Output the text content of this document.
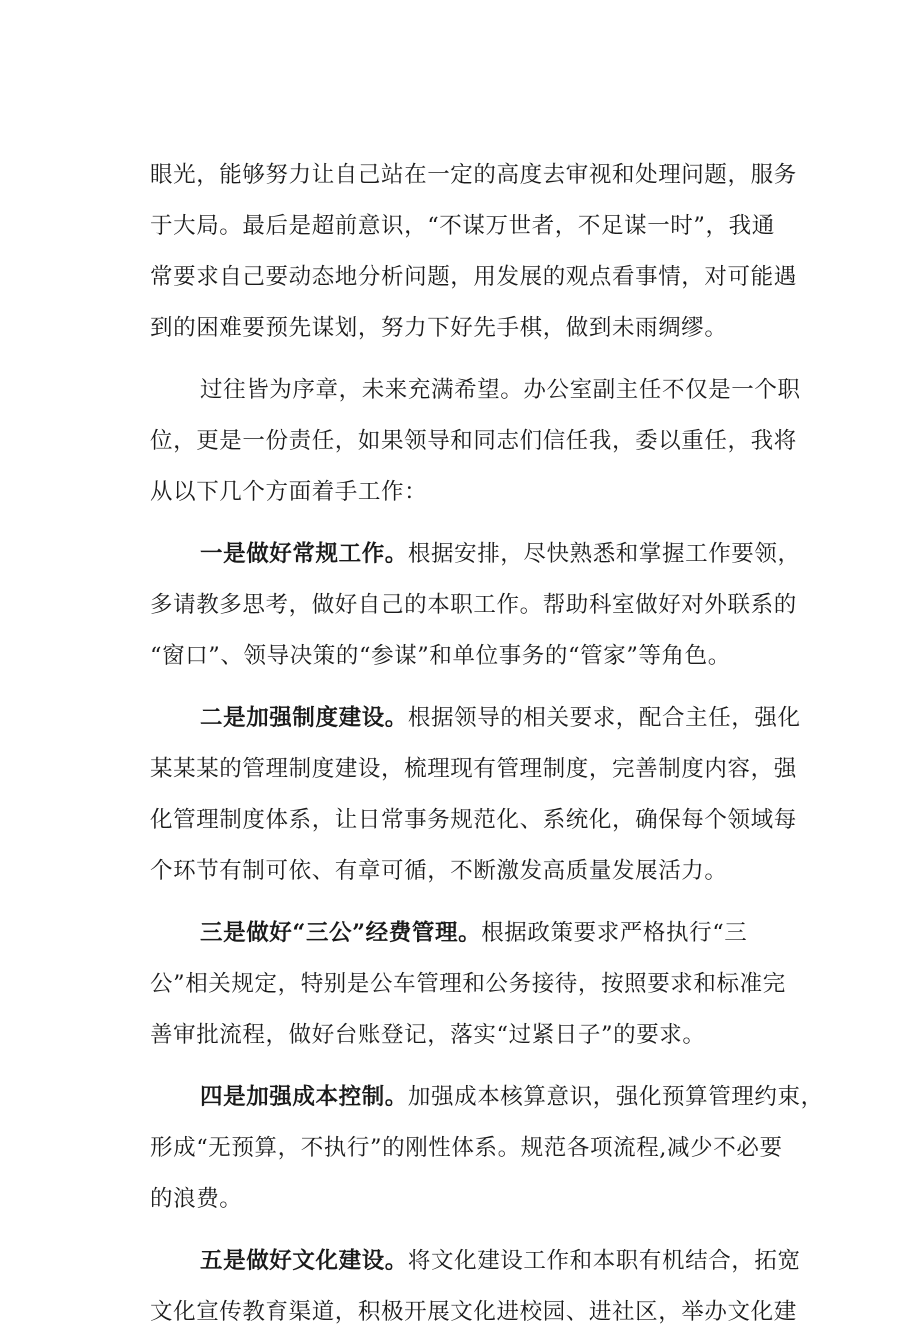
眼光，能够努力让自己站在一定的高度去审视和处理问题，服务
于大局。最后是超前意识，“不谋万世者，不足谋一时”，我通
常要求自己要动态地分析问题，用发展的观点看事情，对可能遇
到的困难要预先谋划，努力下好先手棋，做到未雨绸缪。
过往皆为序章，未来充满希望。办公室副主任不仅是一个职
位，更是一份责任，如果领导和同志们信任我，委以重任，我将
从以下几个方面着手工作：
一是做好常规工作。根据安排，尽快熟悉和掌握工作要领，
多请教多思考，做好自己的本职工作。帮助科室做好对外联系的
“窗口”、领导决策的“参谋”和单位事务的“管家”等角色。
二是加强制度建设。根据领导的相关要求，配合主任，强化
某某某的管理制度建设，梳理现有管理制度，完善制度内容，强
化管理制度体系，让日常事务规范化、系统化，确保每个领域每
个环节有制可依、有章可循，不断激发高质量发展活力。
三是做好“三公”经费管理。根据政策要求严格执行“三
公”相关规定，特别是公车管理和公务接待，按照要求和标准完
善审批流程，做好台账登记，落实“过紧日子”的要求。
四是加强成本控制。加强成本核算意识，强化预算管理约束，
形成“无预算，不执行”的刚性体系。规范各项流程,减少不必要
的浪费。
五是做好文化建设。将文化建设工作和本职有机结合，拓宽
文化宣传教育渠道，积极开展文化进校园、进社区，举办文化建
